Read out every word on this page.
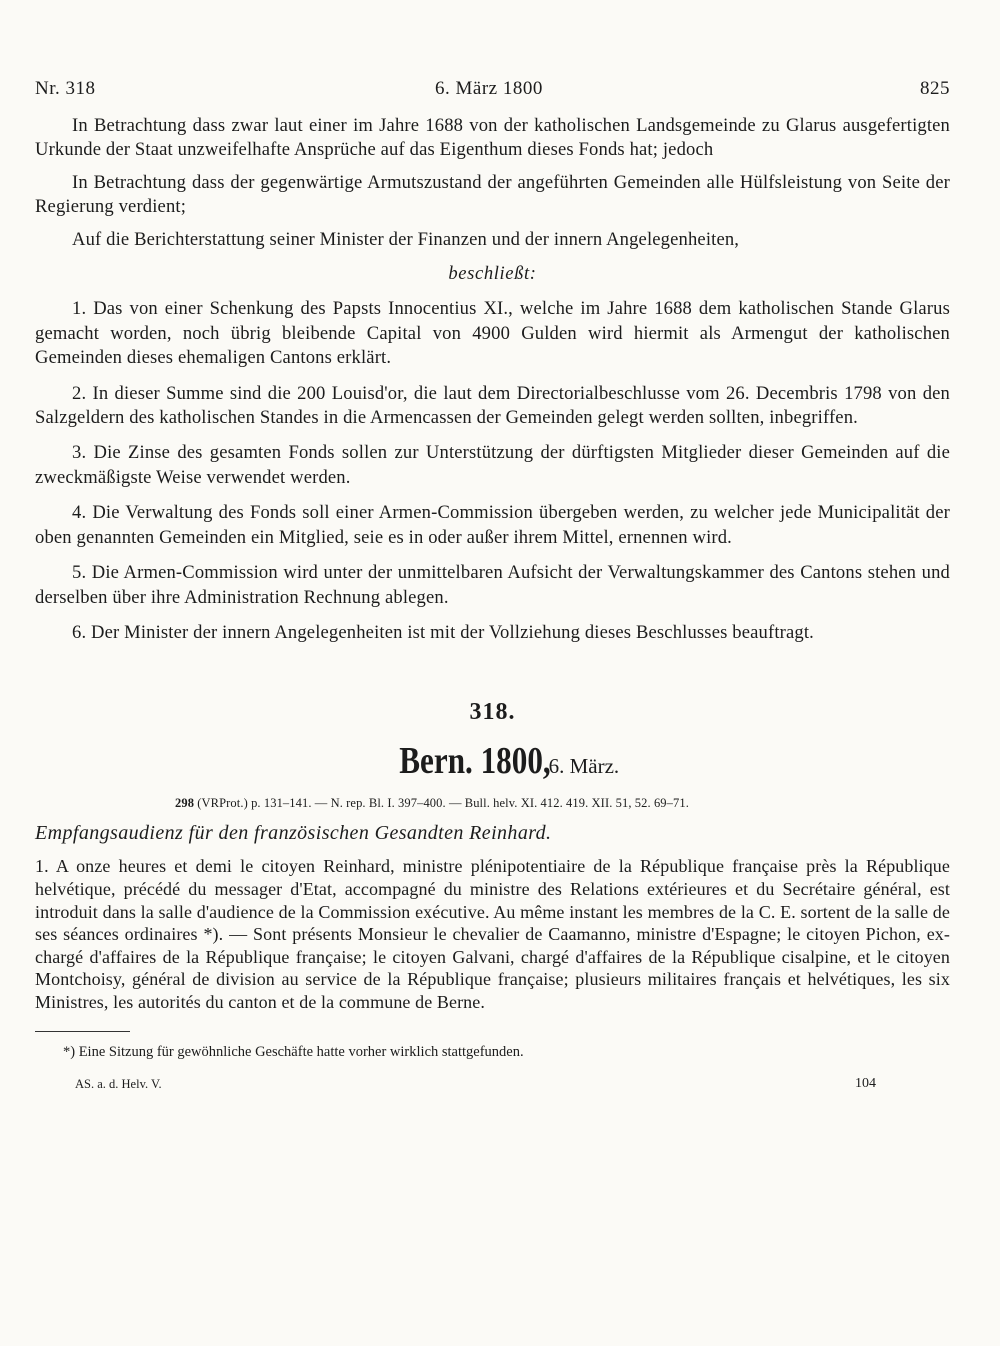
Nr. 318	6. März 1800	825

In Betrachtung dass zwar laut einer im Jahre 1688 von der katholischen Landsgemeinde zu Glarus ausgefertigten Urkunde der Staat unzweifelhafte Ansprüche auf das Eigenthum dieses Fonds hat; jedoch

In Betrachtung dass der gegenwärtige Armutszustand der angeführten Gemeinden alle Hülfsleistung von Seite der Regierung verdient;

Auf die Berichterstattung seiner Minister der Finanzen und der innern Angelegenheiten,

beschließt:

1. Das von einer Schenkung des Papsts Innocentius XI., welche im Jahre 1688 dem katholischen Stande Glarus gemacht worden, noch übrig bleibende Capital von 4900 Gulden wird hiermit als Armengut der katholischen Gemeinden dieses ehemaligen Cantons erklärt.

2. In dieser Summe sind die 200 Louisd'or, die laut dem Directorialbeschlusse vom 26. Decembris 1798 von den Salzgeldern des katholischen Standes in die Armencassen der Gemeinden gelegt werden sollten, inbegriffen.

3. Die Zinse des gesamten Fonds sollen zur Unterstützung der dürftigsten Mitglieder dieser Gemeinden auf die zweckmäßigste Weise verwendet werden.

4. Die Verwaltung des Fonds soll einer Armen-Commission übergeben werden, zu welcher jede Municipalität der oben genannten Gemeinden ein Mitglied, seie es in oder außer ihrem Mittel, ernennen wird.

5. Die Armen-Commission wird unter der unmittelbaren Aufsicht der Verwaltungskammer des Cantons stehen und derselben über ihre Administration Rechnung ablegen.

6. Der Minister der innern Angelegenheiten ist mit der Vollziehung dieses Beschlusses beauftragt.

318.
Bern. 1800, 6. März.
298 (VRProt.) p. 131–141. — N. rep. Bl. I. 397–400. — Bull. helv. XI. 412. 419. XII. 51, 52. 69–71.
Empfangsaudienz für den französischen Gesandten Reinhard.

1. A onze heures et demi le citoyen Reinhard, ministre plénipotentiaire de la République française près la République helvétique, précédé du messager d'Etat, accompagné du ministre des Relations extérieures et du Secrétaire général, est introduit dans la salle d'audience de la Commission exécutive. Au même instant les membres de la C. E. sortent de la salle de ses séances ordinaires *). — Sont présents Monsieur le chevalier de Caamanno, ministre d'Espagne; le citoyen Pichon, ex-chargé d'affaires de la République française; le citoyen Galvani, chargé d'affaires de la République cisalpine, et le citoyen Montchoisy, général de division au service de la République française; plusieurs militaires français et helvétiques, les six Ministres, les autorités du canton et de la commune de Berne.

*) Eine Sitzung für gewöhnliche Geschäfte hatte vorher wirklich stattgefunden.
AS. a. d. Helv. V.	104
